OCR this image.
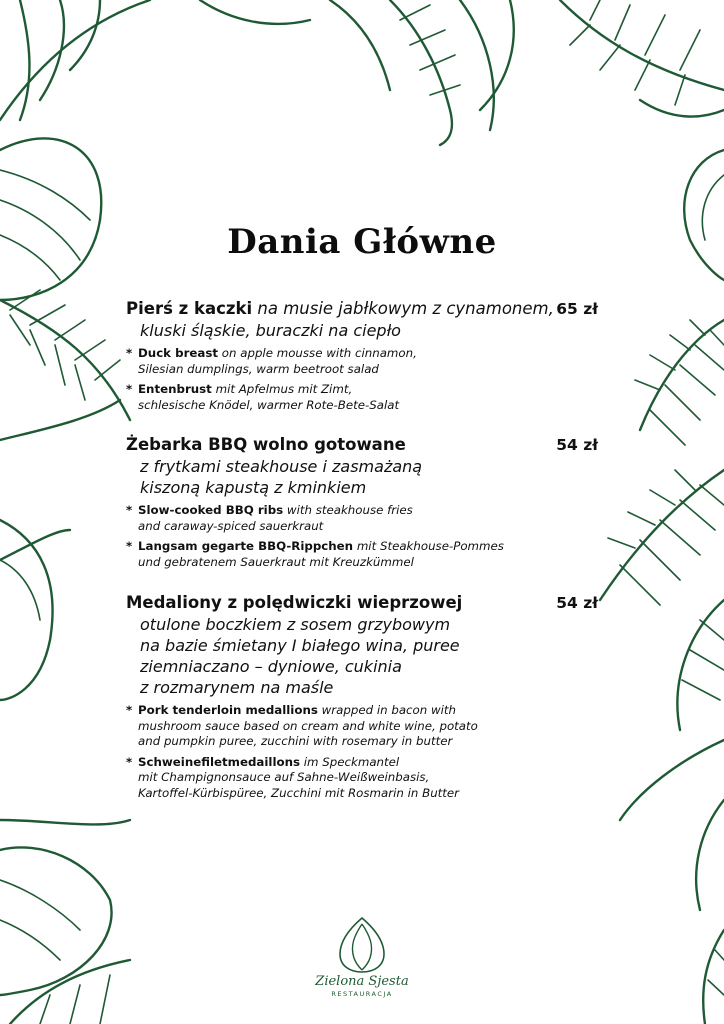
Dania Główne
Pierś z kaczki na musie jabłkowym z cynamonem, 65 zł
kluski śląskie, buraczki na ciepło
* Duck breast on apple mousse with cinnamon,
Silesian dumplings, warm beetroot salad
* Entenbrust mit Apfelmus mit Zimt,
schlesische Knödel, warmer Rote-Bete-Salat
Żebarka BBQ wolno gotowane	54 zł
z frytkami steakhouse i zasmażaną
kiszoną kapustą z kminkiem
* Slow-cooked BBQ ribs with steakhouse fries
and caraway-spiced sauerkraut
* Langsam gegarte BBQ-Rippchen mit Steakhouse-Pommes
und gebratenem Sauerkraut mit Kreuzkümmel
Medaliony z polędwiczki wieprzowej	54 zł
otulone boczkiem z sosem grzybowym
na bazie śmietany I białego wina, puree
ziemniaczano – dyniowe, cukinia
z rozmarynem na maśle
* Pork tenderloin medallions wrapped in bacon with
mushroom sauce based on cream and white wine, potato
and pumpkin puree, zucchini with rosemary in butter
* Schweinefiletmedaillons im Speckmantel
mit Champignonsauce auf Sahne-Weißweinbasis,
Kartoffel-Kürbispüree, Zucchini mit Rosmarin in Butter
Zielona Sjesta
RESTAURACJA
